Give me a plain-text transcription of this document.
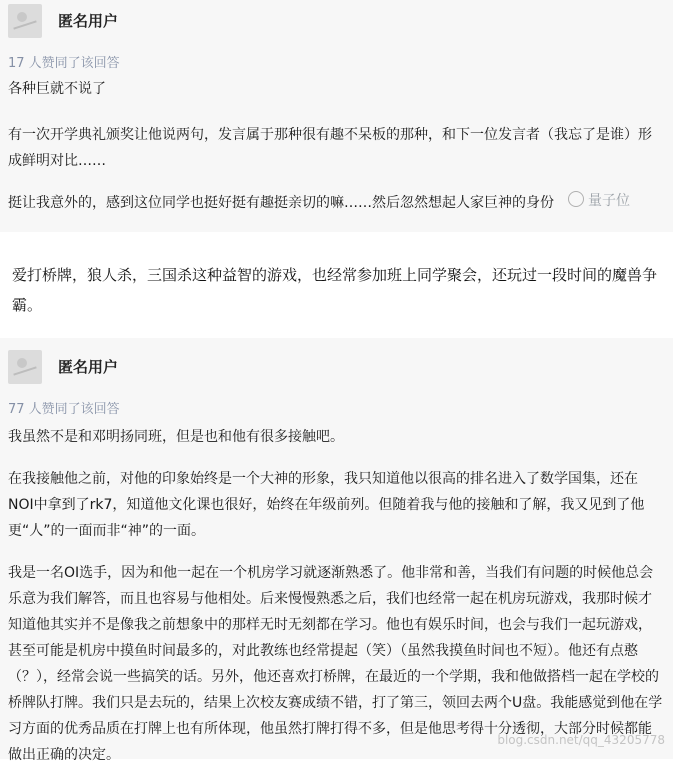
匿名用户
17 人赞同了该回答

各种巨就不说了

有一次开学典礼颁奖让他说两句，发言属于那种很有趣不呆板的那种，和下一位发言者（我忘了是谁）形成鲜明对比……

挺让我意外的，感到这位同学也挺好挺有趣挺亲切的嘛……然后忽然想起人家巨神的身份	量子位

爱打桥牌，狼人杀，三国杀这种益智的游戏，也经常参加班上同学聚会，还玩过一段时间的魔兽争霸。

匿名用户
77 人赞同了该回答

我虽然不是和邓明扬同班，但是也和他有很多接触吧。

在我接触他之前，对他的印象始终是一个大神的形象，我只知道他以很高的排名进入了数学国集，还在NOI中拿到了rk7，知道他文化课也很好，始终在年级前列。但随着我与他的接触和了解，我又见到了他更“人”的一面而非“神”的一面。

我是一名OI选手，因为和他一起在一个机房学习就逐渐熟悉了。他非常和善，当我们有问题的时候他总会乐意为我们解答，而且也容易与他相处。后来慢慢熟悉之后，我们也经常一起在机房玩游戏，我那时候才知道他其实并不是像我之前想象中的那样无时无刻都在学习。他也有娱乐时间，也会与我们一起玩游戏，甚至可能是机房中摸鱼时间最多的，对此教练也经常提起（笑）（虽然我摸鱼时间也不短）。他还有点憨（？），经常会说一些搞笑的话。另外，他还喜欢打桥牌，在最近的一个学期，我和他做搭档一起在学校的桥牌队打牌。我们只是去玩的，结果上次校友赛成绩不错，打了第三，领回去两个U盘。我能感觉到他在学习方面的优秀品质在打牌上也有所体现，他虽然打牌打得不多，但是他思考得十分透彻，大部分时候都能做出正确的决定。

blog.csdn.net/qq_43205778
